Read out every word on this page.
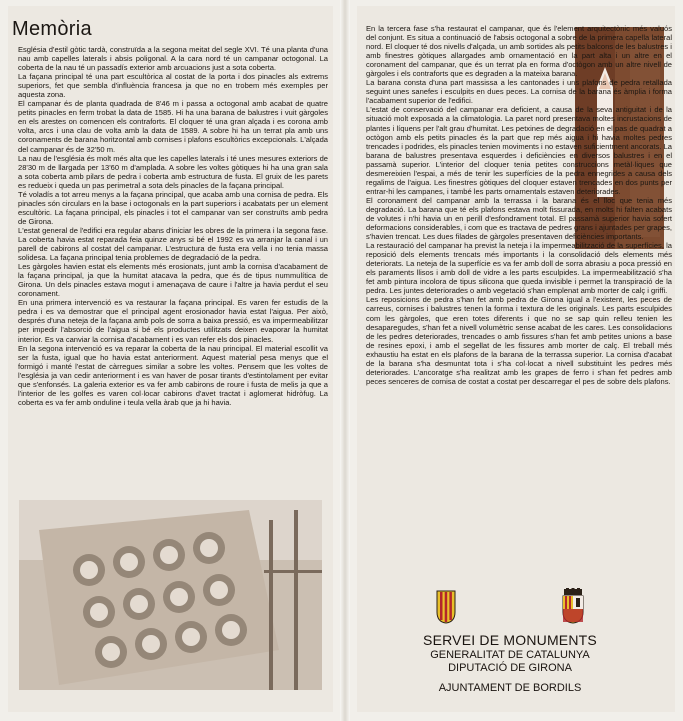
Memòria

Església d'estil gòtic tardà, construïda a la segona meitat del segle XVI. Té una planta d'una nau amb capelles laterals i absis poligonal. A la cara nord té un campanar octogonal. La coberta de la nau té un passadís exterior amb arcuacions just a sota coberta.

La façana principal té una part escultòrica al costat de la porta i dos pinacles als extrems superiors, fet que sembla d'influència francesa ja que no en trobem més exemples per aquesta zona.

El campanar és de planta quadrada de 8'46 m i passa a octogonal amb acabat de quatre petits pinacles en ferm trobat la data de 1585. Hi ha una barana de balustres i vuit gàrgoles en els arestes on comencen els contraforts. El cloquer té una gran alçada i es corona amb volta, arcs i una clau de volta amb la data de 1589. A sobre hi ha un terrat pla amb uns coronaments de barana horitzontal amb cornises i plafons escultòrics excepcionals. L'alçada del campanar és de 32'50 m.

La nau de l'església és molt més alta que les capelles laterals i té unes mesures exteriors de 28'30 m de llargada per 13'60 m d'amplada. A sobre les voltes gòtiques hi ha una gran sala a sota coberta amb pilars de pedra i coberta amb estructura de fusta. El gruix de les parets es redueix i queda un pas perimetral a sota dels pinacles de la façana principal.

Té voladís a tot arreu menys a la façana principal, que acaba amb una cornisa de pedra. Els pinacles són circulars en la base i octogonals en la part superiors i acabatats per un element escultòric. La façana principal, els pinacles i tot el campanar van ser construïts amb pedra de Girona.

L'estat general de l'edifici era regular abans d'iniciar les obres de la primera i la segona fase. La coberta havia estat reparada feia quinze anys si bé el 1992 es va arranjar la canal i un parell de cabirons al costat del campanar. L'estructura de fusta era vella i no tenia massa solidesa. La façana principal tenia problemes de degradació de la pedra.

Les gàrgoles havien estat els elements més erosionats, junt amb la cornisa d'acabament de la façana principal, ja que la humitat atacava la pedra, que és de tipus nummulítica de Girona. Un dels pinacles estava mogut i amenaçava de caure i l'altre ja havia perdut el seu coronament.

En una primera intervenció es va restaurar la façana principal. Es varen fer estudis de la pedra i es va demostrar que el principal agent erosionador havia estat l'aigua. Per això, després d'una neteja de la façana amb pols de sorra a baixa pressió, es va impermeabilitzar per impedir l'absorció de l'aigua si bé els productes utilitzats deixen evaporar la humitat interior. Es va canviar la cornisa d'acabament i es van refer els dos pinacles.

En la segona intervenció es va reparar la coberta de la nau principal. El material escollit va ser la fusta, igual que ho havia estat anteriorment. Aquest material pesa menys que el formigó i manté l'estat de càrregues similar a sobre les voltes. Pensem que les voltes de l'església ja van cedir anteriorment i es van haver de posar tirants d'estintolament per evitar que s'enfonsés. La galeria exterior es va fer amb cabirons de roure i fusta de melis ja que a l'interior de les golfes es varen col·locar cabirons d'avet tractat i aglomerat hidròfug. La coberta es va fer amb onduline i teula vella àrab que ja hi havia.

En la tercera fase s'ha restaurat el campanar, que és l'element arquitectònic més valuós del conjunt. Es situa a continuació de l'absis octogonal a sobre de la primera capella lateral nord. El cloquer té dos nivells d'alçada, un amb sortides als petits balcons de les balustres i amb finestres gòtiques allargades amb ornamentació en la part alta i un altre en el coronament del campanar, que és un terrat pla en forma d'octògon amb un altre nivell de gàrgoles i els contraforts que es degraden a la mateixa barana.

La barana consta d'una part massissa a les cantonades i uns plafons de pedra retallada seguint unes sanefes i esculpits en dues peces. La cornisa de la barana és àmplia i forma l'acabament superior de l'edifici.

L'estat de conservació del campanar era deficient, a causa de la seva antiguitat i de la situació molt exposada a la climatologia. La paret nord presentava moltes incrustacions de plantes i líquens per l'alt grau d'humitat. Les petxines de degradació en el pas de quadrat a octògon amb els petits pinacles és la part que rep més aigua i hi havia moltes pedres trencades i podrides, els pinacles tenien moviments i no estaven suficientment ancorats. La barana de balustres presentava esquerdes i deficiències en diversos balustres i en el passamà superior. L'interior del cloquer tenia petites construccions metàl·liques que desmereixien l'espai, a més de tenir les superfícies de la pedra ennegrides a causa dels regalims de l'aigua. Les finestres gòtiques del cloquer estaven trencades en dos punts per entrar-hi les campanes, i també les parts ornamentals estaven deteriorades.

El coronament del campanar amb la terrassa i la barana és el lloc que tenia més degradació. La barana que té els plafons estava molt fissurada, en molts hi falten acabats de volutes i n'hi havia un en perill d'esfondrament total. El passamà superior havia sofert deformacions considerables, i com que es tractava de pedres grans i ajuntades per grapes, s'havien trencat. Les dues filades de gàrgoles presentaven deficiències importants.

La restauració del campanar ha previst la neteja i la impermeabilització de la superfícies, la reposició dels elements trencats més importants i la consolidació dels elements més deteriorats. La neteja de la superfície es va fer amb doll de sorra abrasiu a poca pressió en els paraments llisos i amb doll de vidre a les parts esculpides. La impermeabilització s'ha fet amb pintura incolora de tipus silicona que queda invisible i permet la transpiració de la pedra. Les juntes deteriorades o amb vegetació s'han emplenat amb morter de calç i griffi.

Les reposicions de pedra s'han fet amb pedra de Girona igual a l'existent, les peces de carreus, cornises i balustres tenen la forma i textura de les originals. Les parts esculpides com les gàrgoles, que eren totes diferents i que no se sap quin relleu tenien les desaparegudes, s'han fet a nivell volumètric sense acabat de les cares. Les consolidacions de les pedres deteriorades, trencades o amb fissures s'han fet amb petites unions a base de resines epoxi, i amb el segellat de les fissures amb morter de calç. El treball més exhaustiu ha estat en els plafons de la barana de la terrassa superior. La cornisa d'acabat de la barana s'ha desmuntat tota i s'ha col·locat a nivell substituint les pedres més deteriorades. L'ancoratge s'ha realitzat amb les grapes de ferro i s'han fet pedres amb peces senceres de cornisa de costat a costat per descarregar el pes de sobre dels plafons.

SERVEI DE MONUMENTS
GENERALITAT DE CATALUNYA
DIPUTACIÓ DE GIRONA
AJUNTAMENT DE BORDILS
